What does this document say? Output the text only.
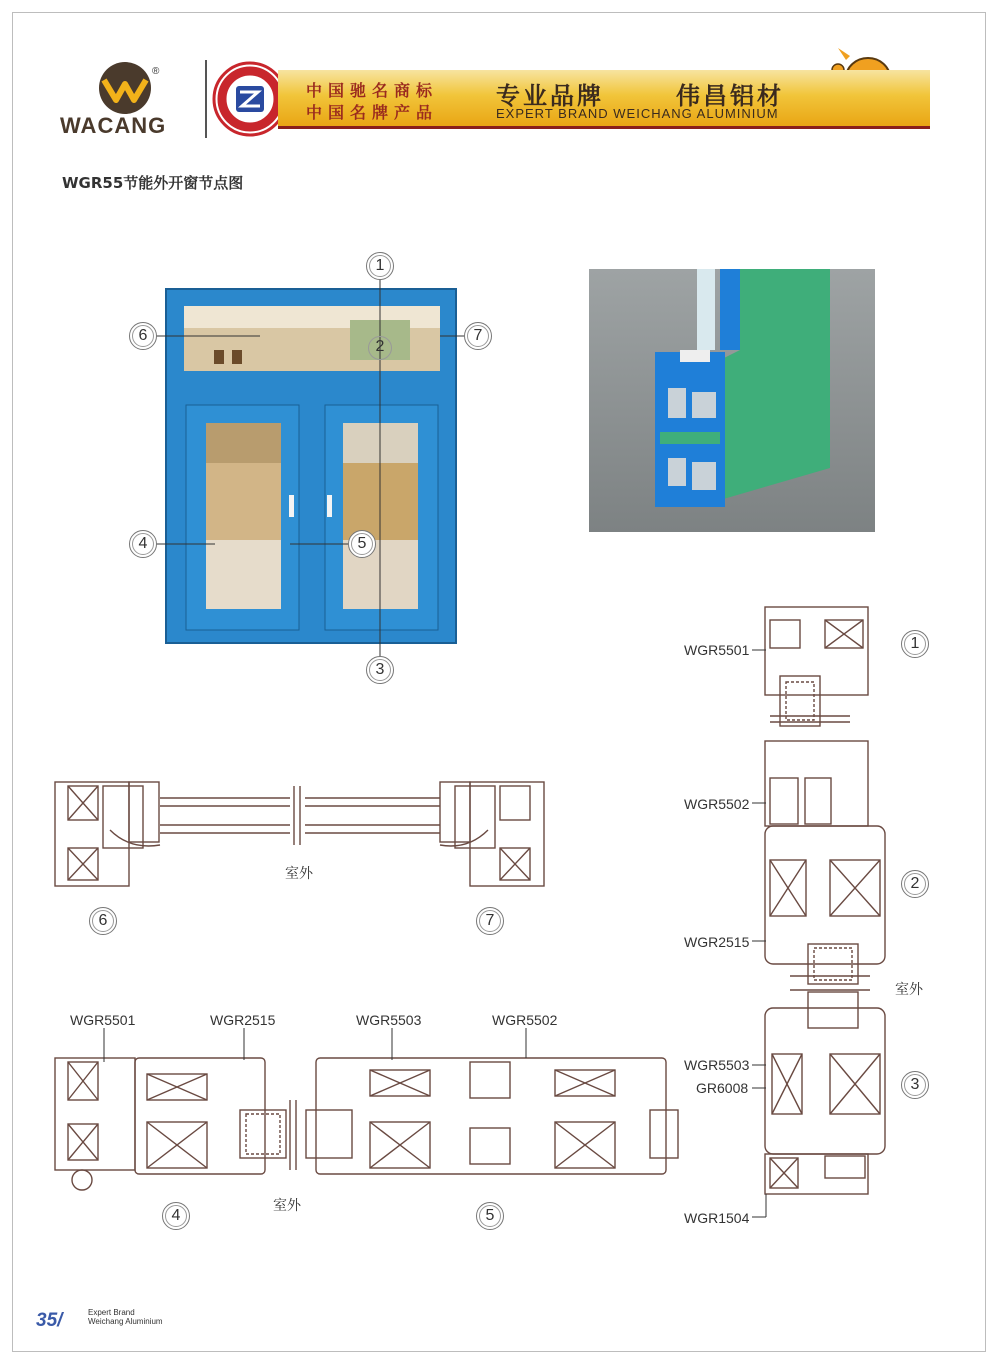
WACANG
®
中国驰名商标
中国名牌产品
专业品牌	伟昌铝材
EXPERT BRAND WEICHANG ALUMINIUM
WGR55节能外开窗节点图
1
2
3
4	5
6	7
室外
6	7
WGR5501	WGR2515	WGR5503	WGR5502
室外
4	5
WGR5501
WGR5502
WGR2515
WGR5503
GR6008
WGR1504
室外
1
2
3
35/	Expert Brand
Weichang Aluminium
